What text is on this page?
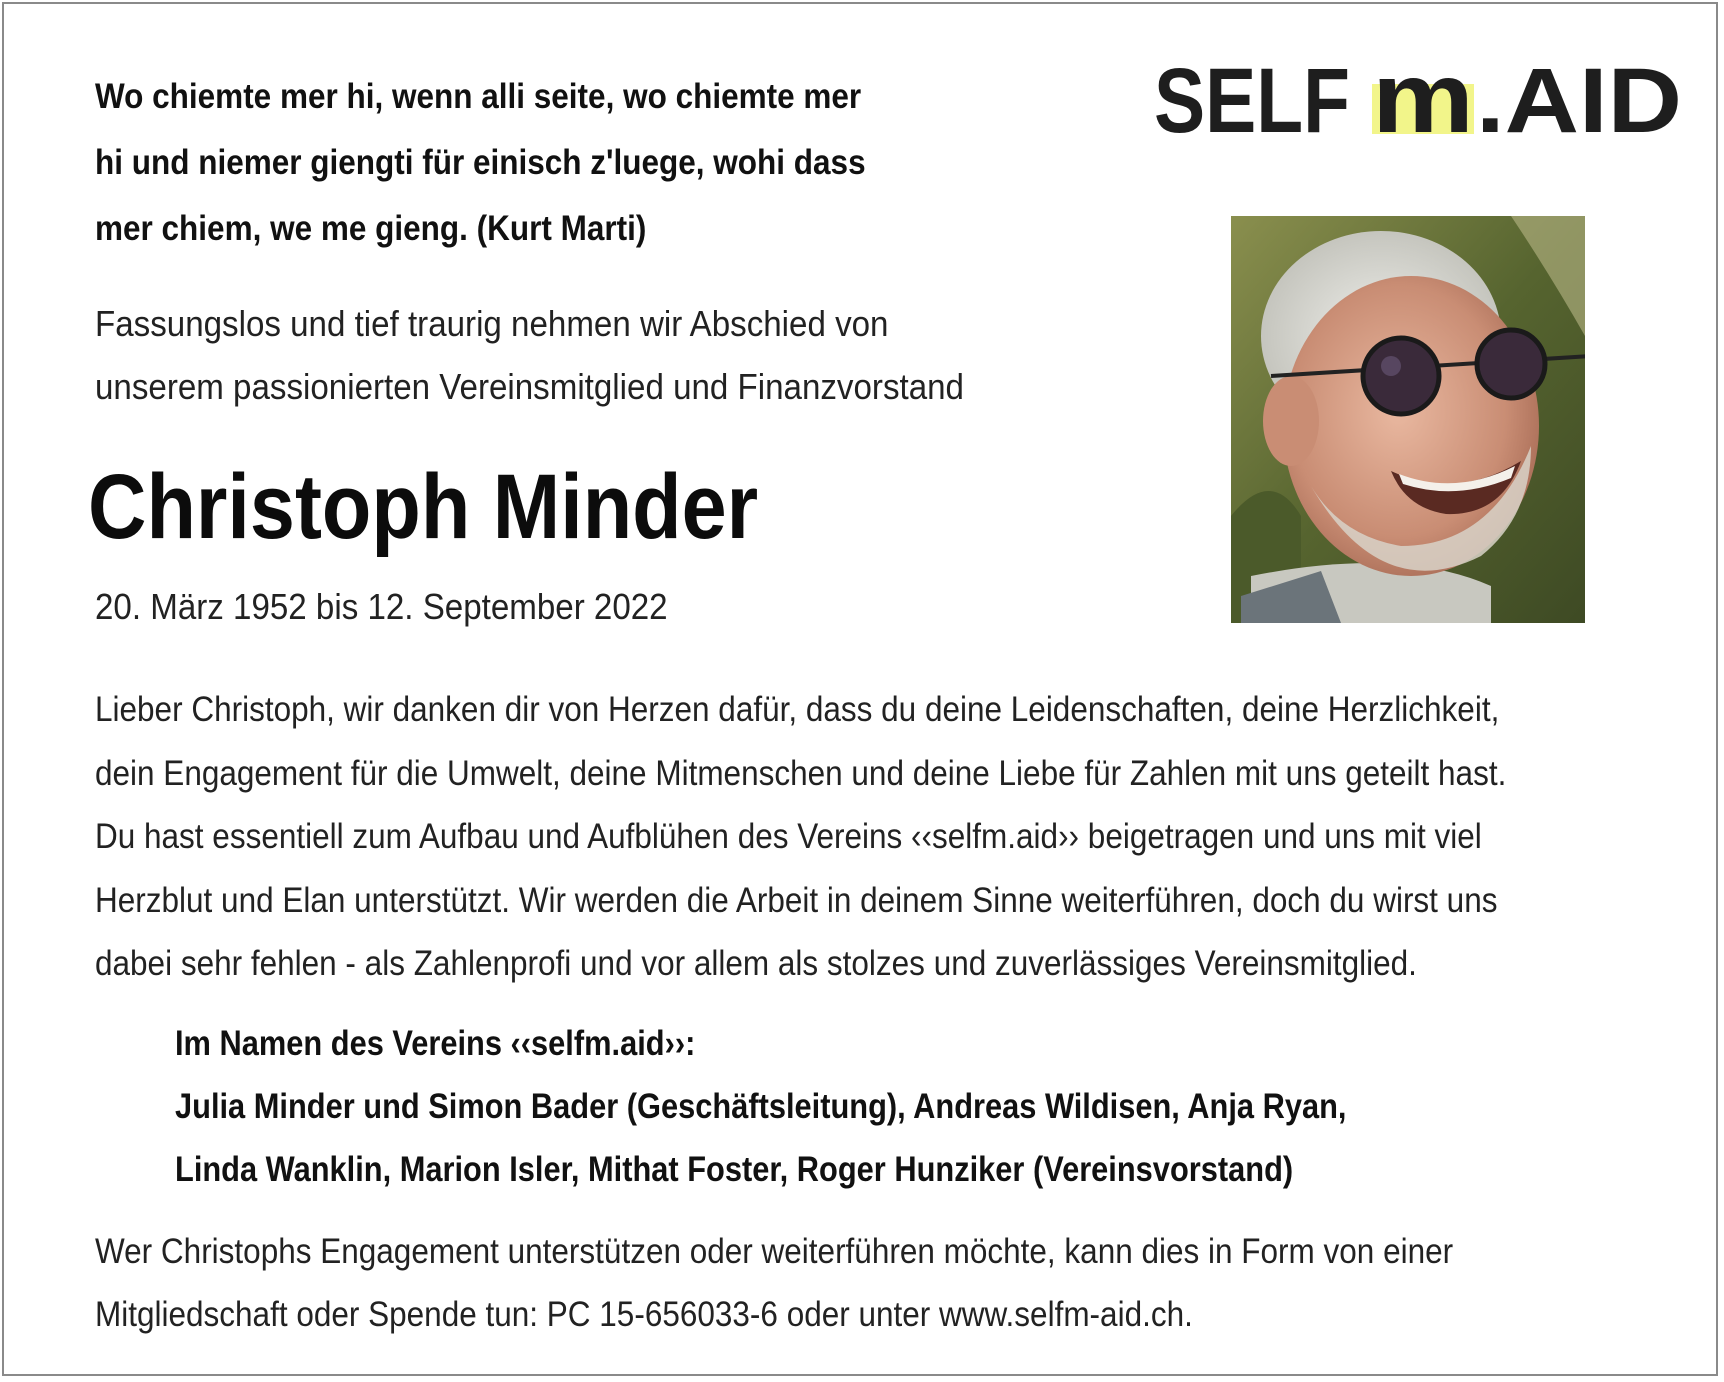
SELF m .AID
Wo chiemte mer hi, wenn alli seite, wo chiemte mer
hi und niemer giengti für einisch z'luege, wohi dass
mer chiem, we me gieng. (Kurt Marti)
Fassungslos und tief traurig nehmen wir Abschied von
unserem passionierten Vereinsmitglied und Finanzvorstand
Christoph Minder
20. März 1952 bis 12. September 2022
Lieber Christoph, wir danken dir von Herzen dafür, dass du deine Leidenschaften, deine Herzlichkeit,
dein Engagement für die Umwelt, deine Mitmenschen und deine Liebe für Zahlen mit uns geteilt hast.
Du hast essentiell zum Aufbau und Aufblühen des Vereins ‹‹selfm.aid›› beigetragen und uns mit viel
Herzblut und Elan unterstützt. Wir werden die Arbeit in deinem Sinne weiterführen, doch du wirst uns
dabei sehr fehlen - als Zahlenprofi und vor allem als stolzes und zuverlässiges Vereinsmitglied.
Im Namen des Vereins ‹‹selfm.aid››:
Julia Minder und Simon Bader (Geschäftsleitung), Andreas Wildisen, Anja Ryan,
Linda Wanklin, Marion Isler, Mithat Foster, Roger Hunziker (Vereinsvorstand)
Wer Christophs Engagement unterstützen oder weiterführen möchte, kann dies in Form von einer
Mitgliedschaft oder Spende tun: PC 15-656033-6 oder unter www.selfm-aid.ch.
